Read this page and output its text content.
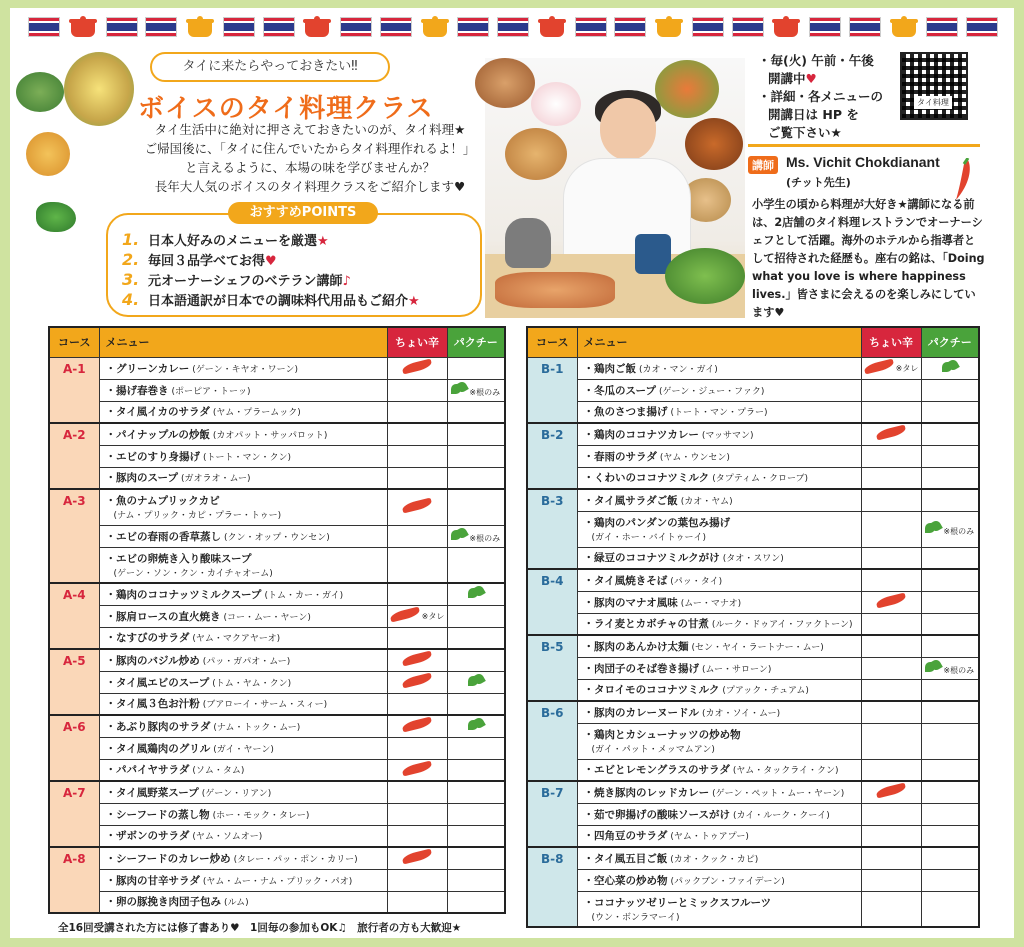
タイに来たらやっておきたい‼
ボイスのタイ料理クラス
タイ生活中に絶対に押さえておきたいのが、タイ料理★
ご帰国後に、「タイに住んでいたからタイ料理作れるよ！」
と言えるように、本場の味を学びませんか？
長年大人気のボイスのタイ料理クラスをご紹介します♥
おすすめPOINTS
1. 日本人好みのメニューを厳選★
2. 毎回３品学べてお得♥
3. 元オーナーシェフのベテラン講師♪
4. 日本語通訳が日本での調味料代用品もご紹介★
・毎(火) 午前・午後
開講中♥
・詳細・各メニューの
開講日は HP を
ご覧下さい★
タイ料理
講師 Ms. Vichit Chokdianant
(チット先生)
小学生の頃から料理が大好き★講師になる前は、2店舗のタイ料理レストランでオーナーシェフとして活躍。海外のホテルから指導者として招待された経歴も。座右の銘は、「Doing what you love is where happiness lives.」皆さまに会えるのを楽しみにしています♥
コース	メニュー	ちょい辛	パクチー
A-1	・グリーンカレー (ゲーン・キヤオ・ワーン)		
	・揚げ春巻き (ポーピア・トーッ)		※根のみ
	・タイ風イカのサラダ (ヤム・プラームック)		
A-2	・パイナップルの炒飯 (カオパット・サッパロット)		
	・エビのすり身揚げ (トート・マン・クン)		
	・豚肉のスープ (ガオラオ・ムー)		
A-3	・魚のナムプリックカピ
(ナム・プリック・カピ・プラー・トゥー)		

	・エビの春雨の香草蒸し (クン・オップ・ウンセン)		※根のみ
	・エビの卵焼き入り酸味スープ
(ゲーン・ソン・クン・カイチャオーム)		

A-4	・鶏肉のココナッツミルクスープ (トム・カー・ガイ)		
	・豚肩ロースの直火焼き (コー・ムー・ヤーン)	※タレ	
	・なすびのサラダ (ヤム・マクアヤーオ)		
A-5	・豚肉のバジル炒め (パッ・ガパオ・ムー)		
	・タイ風エビのスープ (トム・ヤム・クン)		
	・タイ風３色お汁粉 (ブアローイ・サーム・スィー)		
A-6	・あぶり豚肉のサラダ (ナム・トック・ムー)		
	・タイ風鶏肉のグリル (ガイ・ヤーン)		
	・パパイヤサラダ (ソム・タム)		
A-7	・タイ風野菜スープ (ゲーン・リアン)		
	・シーフードの蒸し物 (ホー・モック・タレー)		
	・ザボンのサラダ (ヤム・ソムオー)		
A-8	・シーフードのカレー炒め (タレー・パッ・ポン・カリー)		
	・豚肉の甘辛サラダ (ヤム・ムー・ナム・プリック・パオ)		
	・卵の豚挽き肉団子包み (ルム)		
コース	メニュー	ちょい辛	パクチー
B-1	・鶏肉ご飯 (カオ・マン・ガイ)	※タレ	
	・冬瓜のスープ (ゲーン・ジュー・ファク)		
	・魚のさつま揚げ (トート・マン・プラー)		
B-2	・鶏肉のココナツカレー (マッサマン)		
	・春雨のサラダ (ヤム・ウンセン)		
	・くわいのココナツミルク (タプティム・クローブ)		
B-3	・タイ風サラダご飯 (カオ・ヤム)		
	・鶏肉のパンダンの葉包み揚げ
(ガイ・ホー・バイトゥーイ)		※根のみ
	・緑豆のココナツミルクがけ (タオ・スワン)		
B-4	・タイ風焼きそば (パッ・タイ)		
	・豚肉のマナオ風味 (ムー・マナオ)		
	・ライ麦とカボチャの甘煮 (ルーク・ドゥアイ・ファクトーン)		
B-5	・豚肉のあんかけ太麺 (セン・ヤイ・ラートナー・ムー)		
	・肉団子のそば巻き揚げ (ムー・サローン)		※根のみ
	・タロイモのココナツミルク (プアック・チュアム)		
B-6	・豚肉のカレーヌードル (カオ・ソイ・ムー)		
	・鶏肉とカシューナッツの炒め物
(ガイ・パット・メッマムアン)		

	・エビとレモングラスのサラダ (ヤム・タックライ・クン)		
B-7	・焼き豚肉のレッドカレー (ゲーン・ペット・ムー・ヤーン)		
	・茹で卵揚げの酸味ソースがけ (カイ・ルーク・クーイ)		
	・四角豆のサラダ (ヤム・トゥアプー)		
B-8	・タイ風五目ご飯 (カオ・クック・カピ)		
	・空心菜の炒め物 (パックブン・ファイデーン)		
	・ココナッツゼリーとミックスフルーツ
(ウン・ボンラマーイ)		

全16回受講された方には修了書あり♥　1回毎の参加もOK♫　旅行者の方も大歓迎★
